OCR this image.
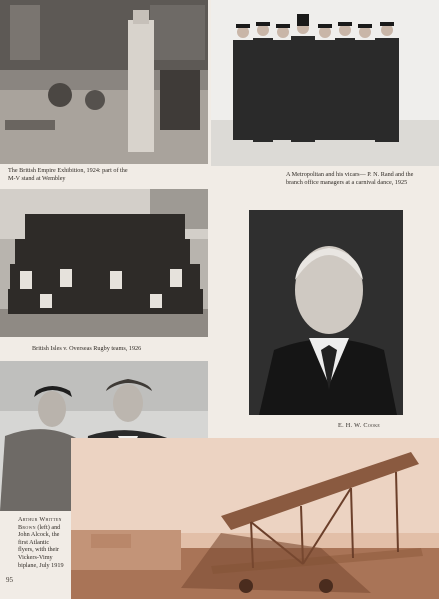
The British Empire Exhibition, 1924: part of the M-V stand at Wembley
A Metropolitan and his vicars— P. N. Rand and the branch office managers at a carnival dance, 1925
British Isles v. Overseas Rugby teams, 1926
E. H. W. Cooke
Arthur Whitten Brown (left) and John Alcock, the first Atlantic flyers, with their Vickers-Vimy biplane, July 1919
95
